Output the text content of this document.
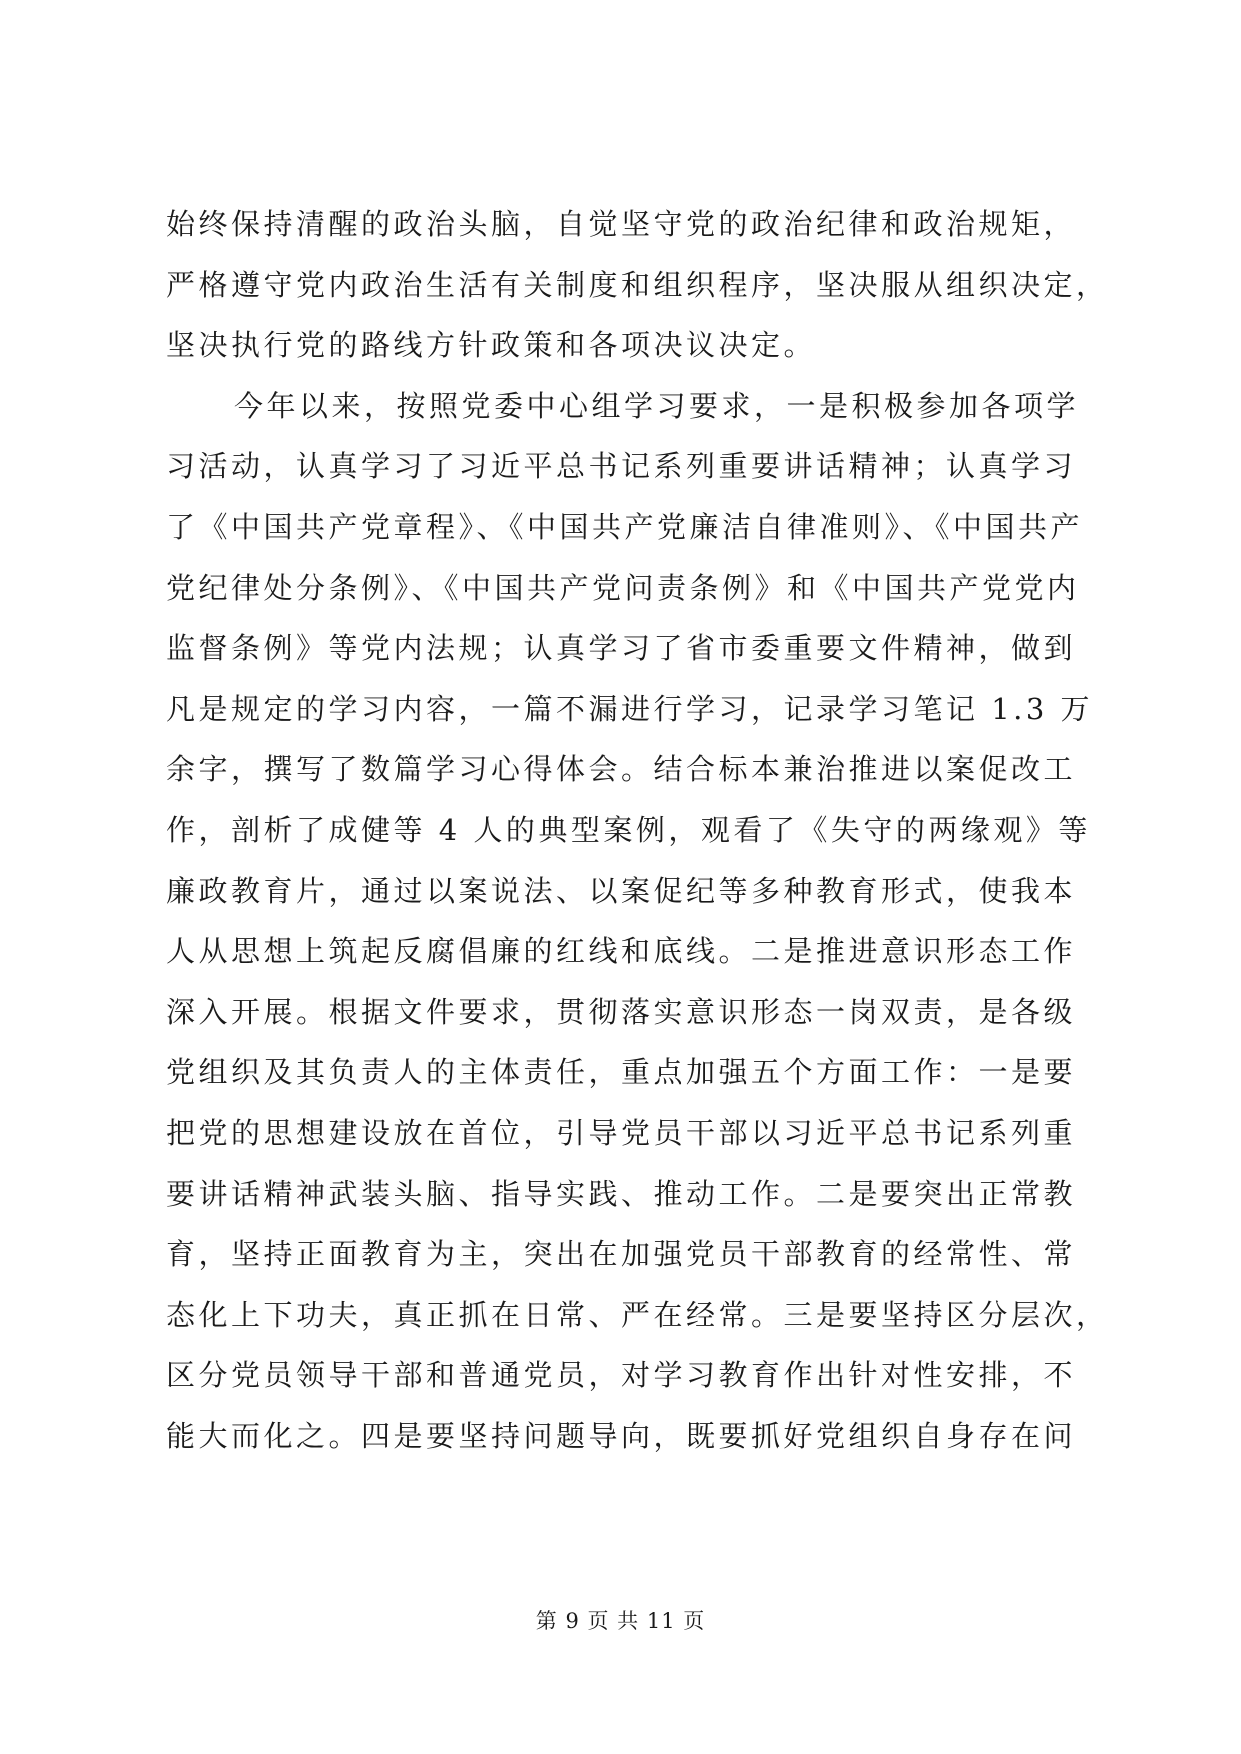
始终保持清醒的政治头脑，自觉坚守党的政治纪律和政治规矩，
严格遵守党内政治生活有关制度和组织程序，坚决服从组织决定，
坚决执行党的路线方针政策和各项决议决定。
今年以来，按照党委中心组学习要求，一是积极参加各项学
习活动，认真学习了习近平总书记系列重要讲话精神；认真学习
了《中国共产党章程》、《中国共产党廉洁自律准则》、《中国共产
党纪律处分条例》、《中国共产党问责条例》和《中国共产党党内
监督条例》等党内法规；认真学习了省市委重要文件精神，做到
凡是规定的学习内容，一篇不漏进行学习，记录学习笔记 1.3 万
余字，撰写了数篇学习心得体会。结合标本兼治推进以案促改工
作，剖析了成健等 4 人的典型案例，观看了《失守的两缘观》等
廉政教育片，通过以案说法、以案促纪等多种教育形式，使我本
人从思想上筑起反腐倡廉的红线和底线。二是推进意识形态工作
深入开展。根据文件要求，贯彻落实意识形态一岗双责，是各级
党组织及其负责人的主体责任，重点加强五个方面工作：一是要
把党的思想建设放在首位，引导党员干部以习近平总书记系列重
要讲话精神武装头脑、指导实践、推动工作。二是要突出正常教
育，坚持正面教育为主，突出在加强党员干部教育的经常性、常
态化上下功夫，真正抓在日常、严在经常。三是要坚持区分层次，
区分党员领导干部和普通党员，对学习教育作出针对性安排，不
能大而化之。四是要坚持问题导向，既要抓好党组织自身存在问
第 9 页 共 11 页
